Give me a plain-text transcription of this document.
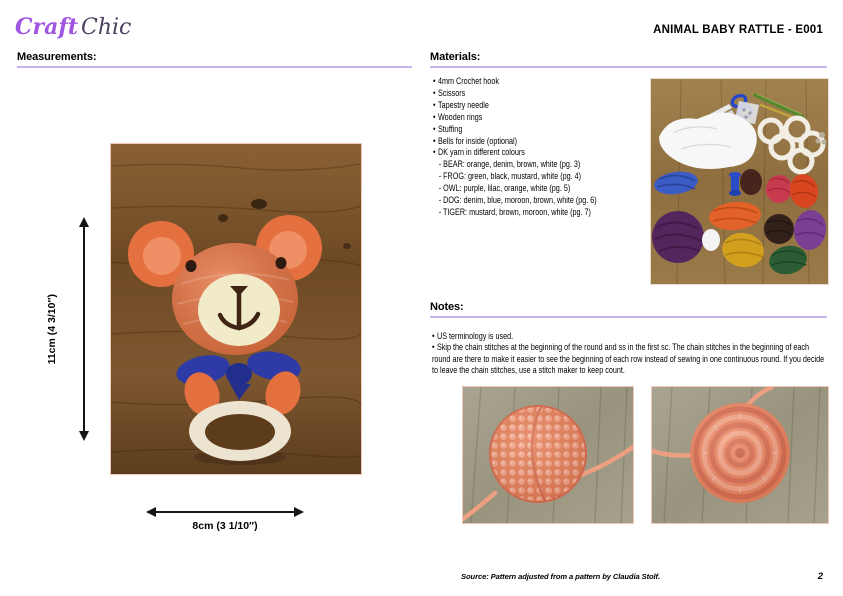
Craft Chic	ANIMAL BABY RATTLE - E001
Measurements:
11cm (4 3/10″)
8cm (3 1/10″)
Materials:
• 4mm Crochet hook
• Scissors
• Tapestry needle
• Wooden rings
• Stuffing
• Bells for inside (optional)
• DK yarn in different colours
- BEAR: orange, denim, brown, white (pg. 3)
- FROG: green, black, mustard, white (pg. 4)
- OWL: purple, lilac, orange, white (pg. 5)
- DOG: denim, blue, moroon, brown, white (pg. 6)
- TIGER: mustard, brown, moroon, white (pg. 7)
Notes:
• US terminology is used.
• Skip the chain stitches at the beginning of the round and ss in the first sc. The chain stitches in the beginning of each round are there to make it easier to see the beginning of each row instead of sewing in one continuous round. If you decide to leave the chain stitches, use a stitch maker to keep count.
Source: Pattern adjusted from a pattern by Claudia Stolf.	2
